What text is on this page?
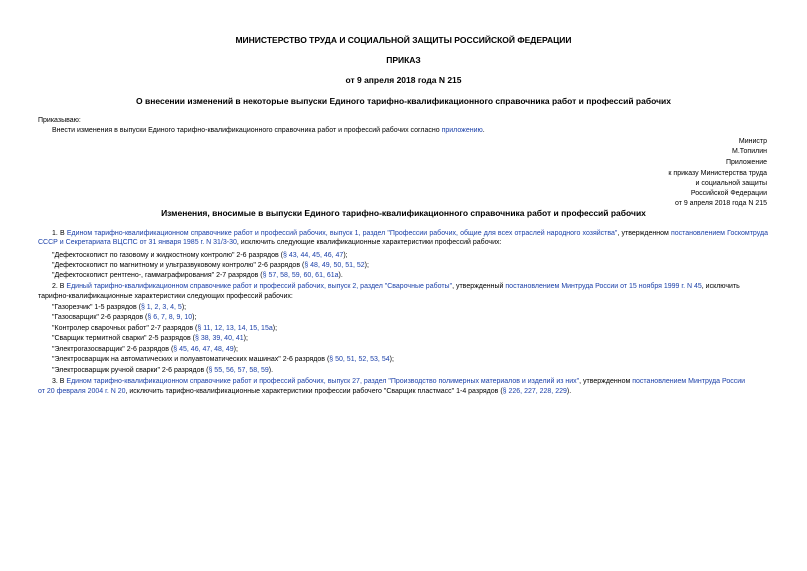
МИНИСТЕРСТВО ТРУДА И СОЦИАЛЬНОЙ ЗАЩИТЫ РОССИЙСКОЙ ФЕДЕРАЦИИ
ПРИКАЗ
от 9 апреля 2018 года N 215
О внесении изменений в некоторые выпуски Единого тарифно-квалификационного справочника работ и профессий рабочих
Приказываю:
Внести изменения в выпуски Единого тарифно-квалификационного справочника работ и профессий рабочих согласно приложению.
Министр
М.Топилин
Приложение
к приказу Министерства труда
и социальной защиты
Российской Федерации
от 9 апреля 2018 года N 215
Изменения, вносимые в выпуски Единого тарифно-квалификационного справочника работ и профессий рабочих
1. В Едином тарифно-квалификационном справочнике работ и профессий рабочих, выпуск 1, раздел "Профессии рабочих, общие для всех отраслей народного хозяйства", утвержденном постановлением Госкомтруда СССР и Секретариата ВЦСПС от 31 января 1985 г. N 31/3-30, исключить следующие квалификационные характеристики профессий рабочих:
"Дефектоскопист по газовому и жидкостному контролю" 2-6 разрядов (§ 43, 44, 45, 46, 47);
"Дефектоскопист по магнитному и ультразвуковому контролю" 2-6 разрядов (§ 48, 49, 50, 51, 52);
"Дефектоскопист рентгено-, гаммаграфирования" 2-7 разрядов (§ 57, 58, 59, 60, 61, 61а).
2. В Единый тарифно-квалификационном справочнике работ и профессий рабочих, выпуск 2, раздел "Сварочные работы", утвержденный постановлением Минтруда России от 15 ноября 1999 г. N 45, исключить
тарифно-квалификационные характеристики следующих профессий рабочих:
"Газорезчик" 1-5 разрядов (§ 1, 2, 3, 4, 5);
"Газосварщик" 2-6 разрядов (§ 6, 7, 8, 9, 10);
"Контролер сварочных работ" 2-7 разрядов (§ 11, 12, 13, 14, 15, 15а);
"Сварщик термитной сварки" 2-5 разрядов (§ 38, 39, 40, 41);
"Электрогазосварщик" 2-6 разрядов (§ 45, 46, 47, 48, 49);
"Электросварщик на автоматических и полуавтоматических машинах" 2-6 разрядов (§ 50, 51, 52, 53, 54);
"Электросварщик ручной сварки" 2-6 разрядов (§ 55, 56, 57, 58, 59).
3. В Едином тарифно-квалификационном справочнике работ и профессий рабочих, выпуск 27, раздел "Производство полимерных материалов и изделий из них", утвержденном постановлением Минтруда России
от 20 февраля 2004 г. N 20, исключить тарифно-квалификационные характеристики профессии рабочего "Сварщик пластмасс" 1-4 разрядов (§ 226, 227, 228, 229).
